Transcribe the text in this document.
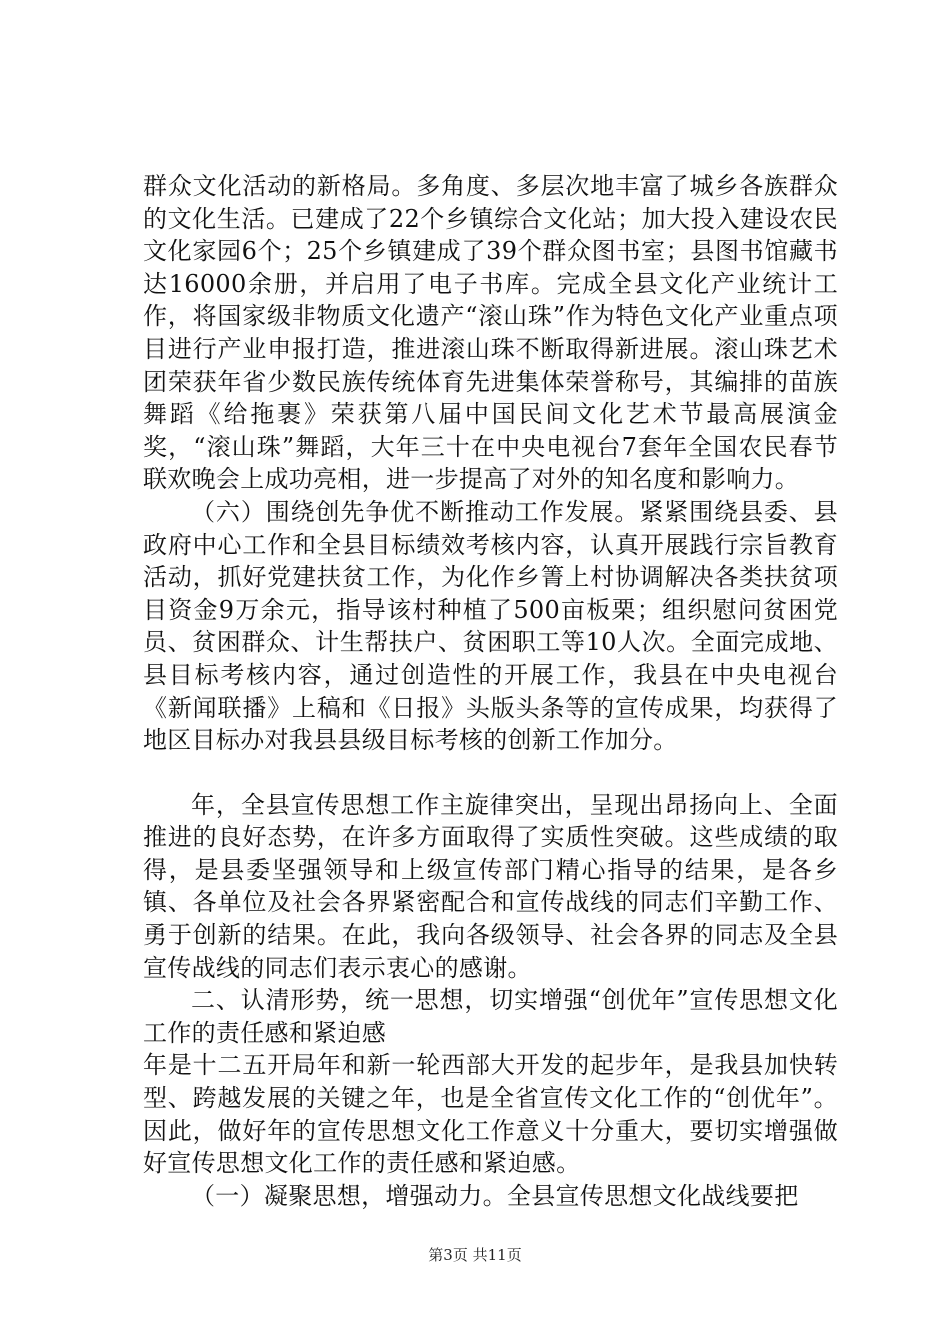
群众文化活动的新格局。多角度、多层次地丰富了城乡各族群众的文化生活。已建成了22个乡镇综合文化站；加大投入建设农民文化家园6个；25个乡镇建成了39个群众图书室；县图书馆藏书达16000余册，并启用了电子书库。完成全县文化产业统计工作，将国家级非物质文化遗产“滚山珠”作为特色文化产业重点项目进行产业申报打造，推进滚山珠不断取得新进展。滚山珠艺术团荣获年省少数民族传统体育先进集体荣誉称号，其编排的苗族舞蹈《给拖裹》荣获第八届中国民间文化艺术节最高展演金奖，“滚山珠”舞蹈，大年三十在中央电视台7套年全国农民春节联欢晚会上成功亮相，进一步提高了对外的知名度和影响力。

（六）围绕创先争优不断推动工作发展。紧紧围绕县委、县政府中心工作和全县目标绩效考核内容，认真开展践行宗旨教育活动，抓好党建扶贫工作，为化作乡箐上村协调解决各类扶贫项目资金9万余元，指导该村种植了500亩板栗；组织慰问贫困党员、贫困群众、计生帮扶户、贫困职工等10人次。全面完成地、县目标考核内容，通过创造性的开展工作，我县在中央电视台《新闻联播》上稿和《日报》头版头条等的宣传成果，均获得了地区目标办对我县县级目标考核的创新工作加分。

年，全县宣传思想工作主旋律突出，呈现出昂扬向上、全面推进的良好态势，在许多方面取得了实质性突破。这些成绩的取得，是县委坚强领导和上级宣传部门精心指导的结果，是各乡镇、各单位及社会各界紧密配合和宣传战线的同志们辛勤工作、勇于创新的结果。在此，我向各级领导、社会各界的同志及全县宣传战线的同志们表示衷心的感谢。

二、认清形势，统一思想，切实增强“创优年”宣传思想文化工作的责任感和紧迫感

年是十二五开局年和新一轮西部大开发的起步年，是我县加快转型、跨越发展的关键之年，也是全省宣传文化工作的“创优年”。因此，做好年的宣传思想文化工作意义十分重大，要切实增强做好宣传思想文化工作的责任感和紧迫感。

（一）凝聚思想，增强动力。全县宣传思想文化战线要把

第3页 共11页
